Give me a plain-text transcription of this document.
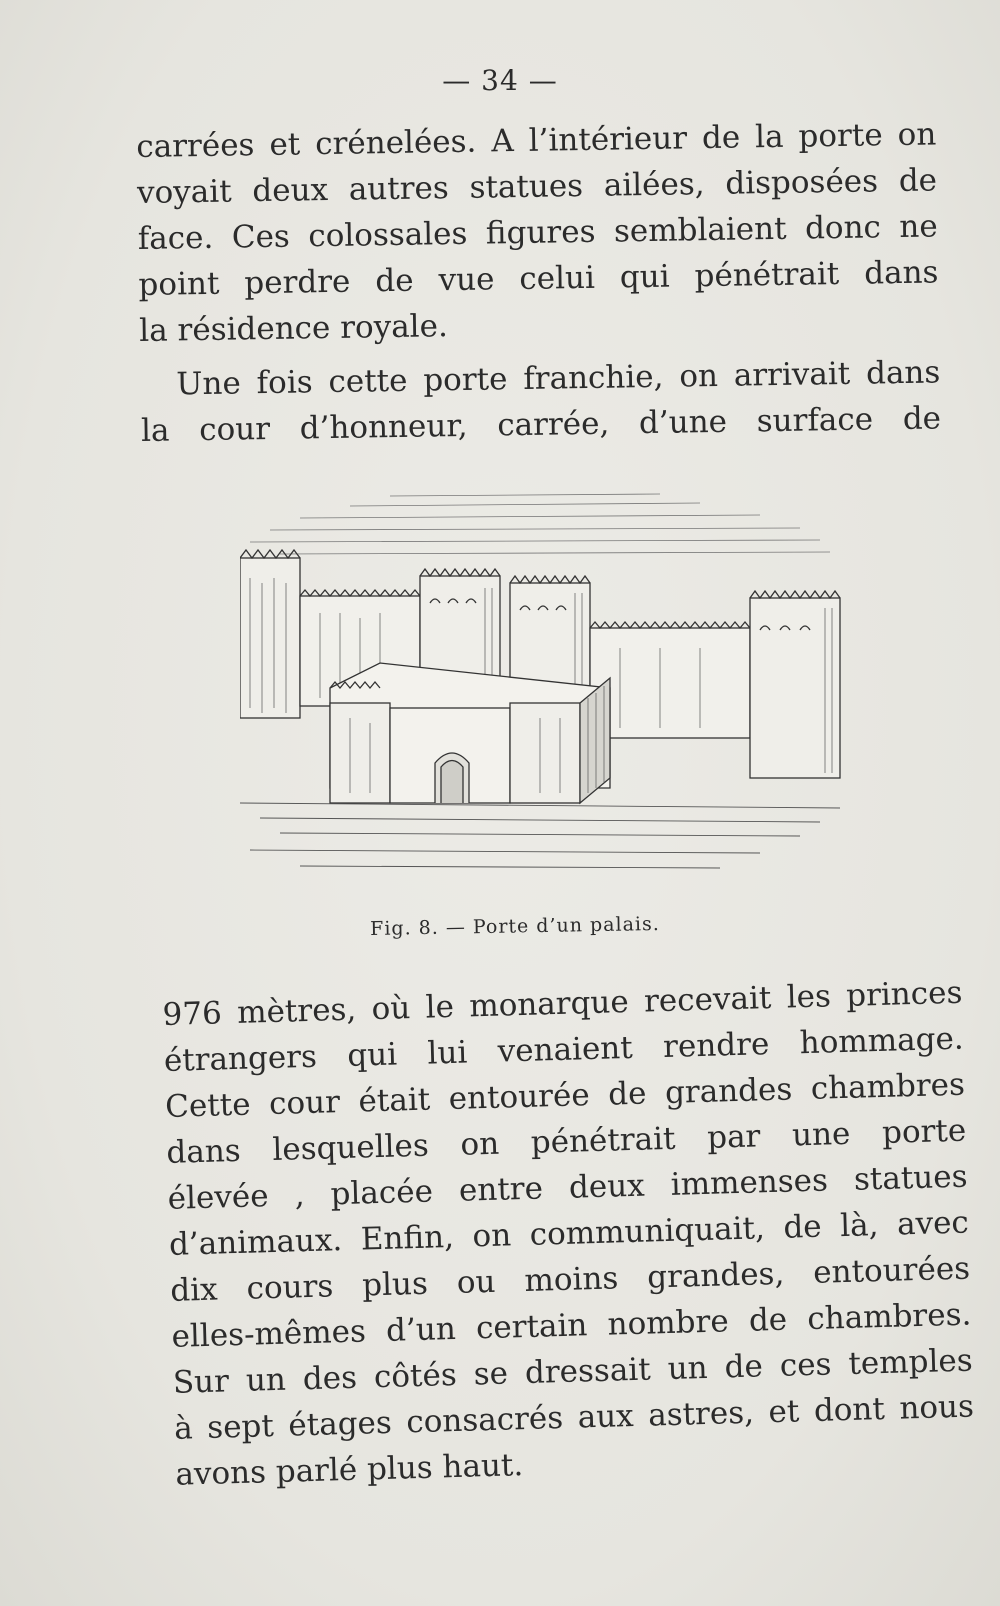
— 34 —
carrées et crénelées. A l’intérieur de la porte on
voyait deux autres statues ailées, disposées de
face. Ces colossales figures semblaient donc ne
point perdre de vue celui qui pénétrait dans
la résidence royale.
Une fois cette porte franchie, on arrivait dans
la cour d’honneur, carrée, d’une surface de
Fig. 8. — Porte d’un palais.
976 mètres, où le monarque recevait les princes
étrangers qui lui venaient rendre hommage.
Cette cour était entourée de grandes chambres
dans lesquelles on pénétrait par une porte
élevée , placée entre deux immenses statues
d’animaux. Enfin, on communiquait, de là, avec
dix cours plus ou moins grandes, entourées
elles-mêmes d’un certain nombre de chambres.
Sur un des côtés se dressait un de ces temples
à sept étages consacrés aux astres, et dont nous
avons parlé plus haut.
